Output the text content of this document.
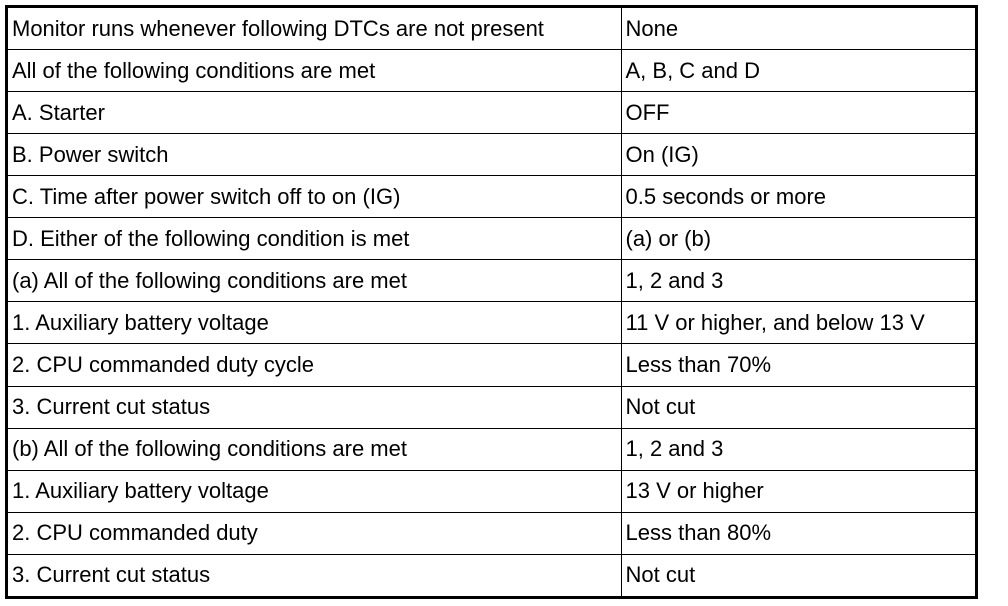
Monitor runs whenever following DTCs are not present	None
All of the following conditions are met	A, B, C and D
A. Starter	OFF
B. Power switch	On (IG)
C. Time after power switch off to on (IG)	0.5 seconds or more
D. Either of the following condition is met	(a) or (b)
(a) All of the following conditions are met	1, 2 and 3
1. Auxiliary battery voltage	11 V or higher, and below 13 V
2. CPU commanded duty cycle	Less than 70%
3. Current cut status	Not cut
(b) All of the following conditions are met	1, 2 and 3
1. Auxiliary battery voltage	13 V or higher
2. CPU commanded duty	Less than 80%
3. Current cut status	Not cut
